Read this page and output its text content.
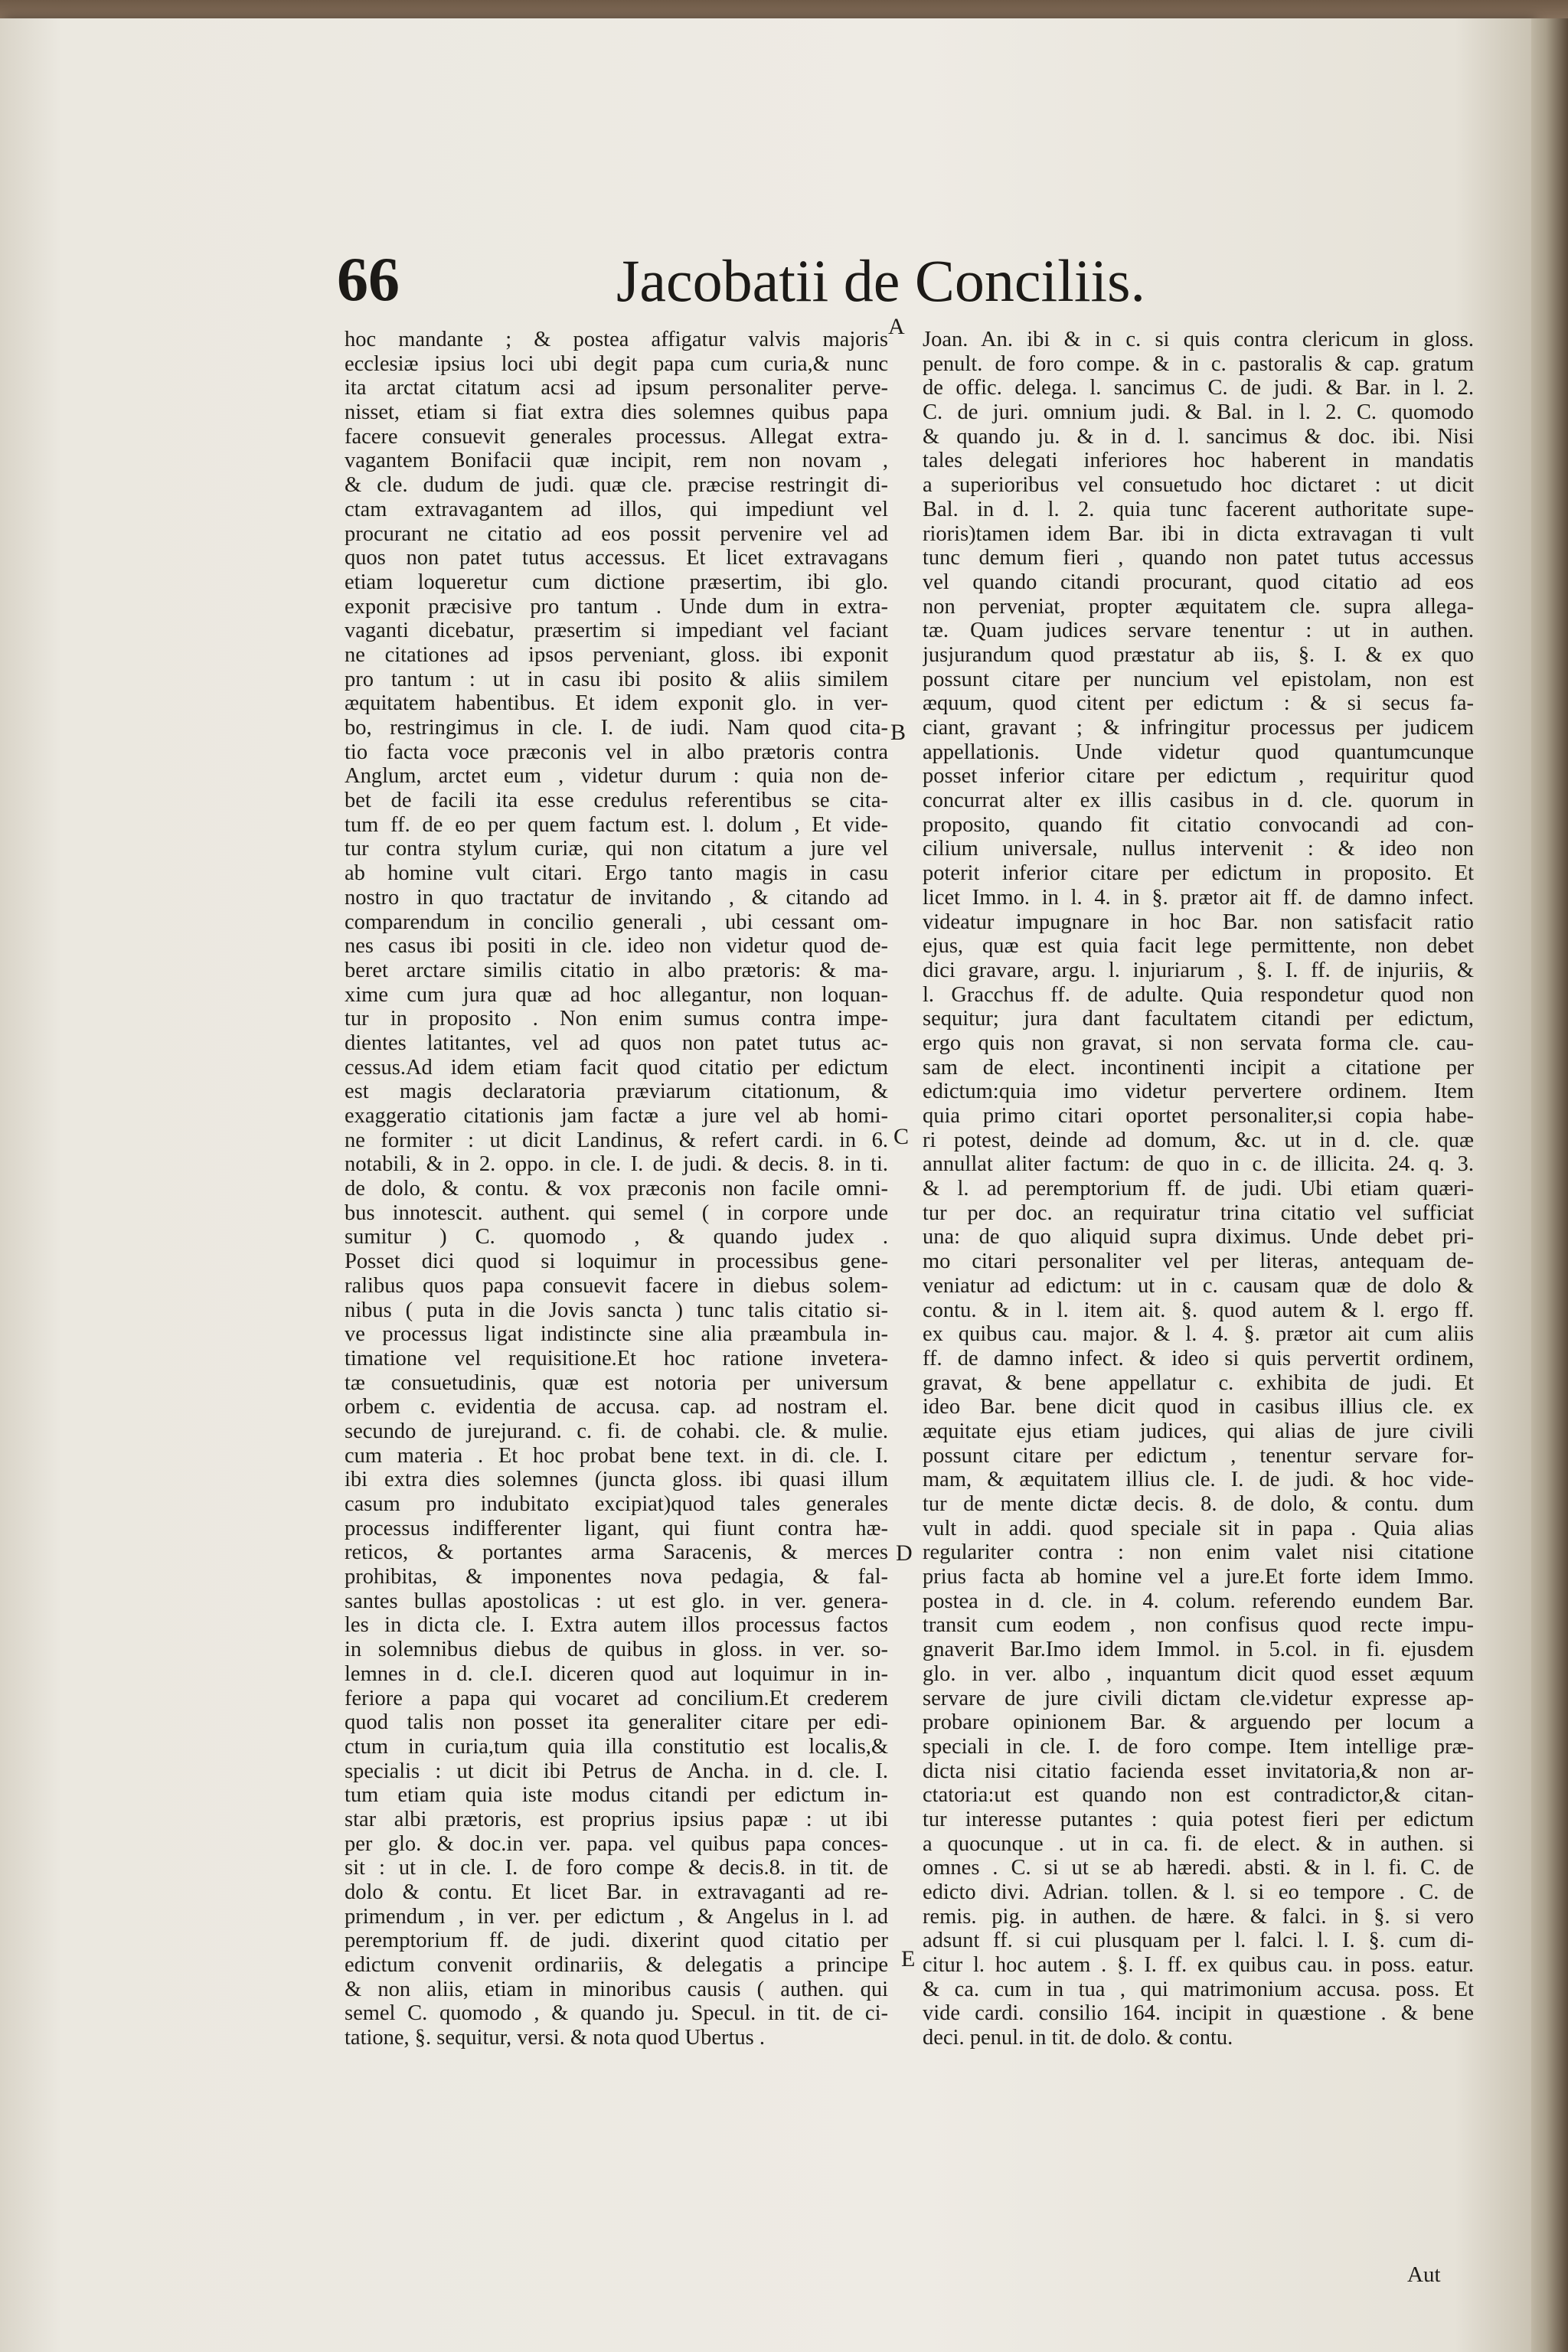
66	Jacobatii de Conciliis.
A
B
C
D
E
hoc mandante ; & postea affigatur valvis majoris
ecclesiæ ipsius loci ubi degit papa cum curia,& nunc
ita arctat citatum acsi ad ipsum personaliter perve-
nisset, etiam si fiat extra dies solemnes quibus papa
facere consuevit generales processus. Allegat extra-
vagantem Bonifacii quæ incipit, rem non novam ,
& cle. dudum de judi. quæ cle. præcise restringit di-
ctam extravagantem ad illos, qui impediunt vel
procurant ne citatio ad eos possit pervenire vel ad
quos non patet tutus accessus. Et licet extravagans
etiam loqueretur cum dictione præsertim, ibi glo.
exponit præcisive pro tantum . Unde dum in extra-
vaganti dicebatur, præsertim si impediant vel faciant
ne citationes ad ipsos perveniant, gloss. ibi exponit
pro tantum : ut in casu ibi posito & aliis similem
æquitatem habentibus. Et idem exponit glo. in ver-
bo, restringimus in cle. I. de iudi. Nam quod cita-
tio facta voce præconis vel in albo prætoris contra
Anglum, arctet eum , videtur durum : quia non de-
bet de facili ita esse credulus referentibus se cita-
tum ff. de eo per quem factum est. l. dolum , Et vide-
tur contra stylum curiæ, qui non citatum a jure vel
ab homine vult citari. Ergo tanto magis in casu
nostro in quo tractatur de invitando , & citando ad
comparendum in concilio generali , ubi cessant om-
nes casus ibi positi in cle. ideo non videtur quod de-
beret arctare similis citatio in albo prætoris: & ma-
xime cum jura quæ ad hoc allegantur, non loquan-
tur in proposito . Non enim sumus contra impe-
dientes latitantes, vel ad quos non patet tutus ac-
cessus.Ad idem etiam facit quod citatio per edictum
est magis declaratoria præviarum citationum, &
exaggeratio citationis jam factæ a jure vel ab homi-
ne formiter : ut dicit Landinus, & refert cardi. in 6.
notabili, & in 2. oppo. in cle. I. de judi. & decis. 8. in ti.
de dolo, & contu. & vox præconis non facile omni-
bus innotescit. authent. qui semel ( in corpore unde
sumitur ) C. quomodo , & quando judex .
Posset dici quod si loquimur in processibus gene-
ralibus quos papa consuevit facere in diebus solem-
nibus ( puta in die Jovis sancta ) tunc talis citatio si-
ve processus ligat indistincte sine alia præambula in-
timatione vel requisitione.Et hoc ratione invetera-
tæ consuetudinis, quæ est notoria per universum
orbem c. evidentia de accusa. cap. ad nostram el.
secundo de jurejurand. c. fi. de cohabi. cle. & mulie.
cum materia . Et hoc probat bene text. in di. cle. I.
ibi extra dies solemnes (juncta gloss. ibi quasi illum
casum pro indubitato excipiat)quod tales generales
processus indifferenter ligant, qui fiunt contra hæ-
reticos, & portantes arma Saracenis, & merces
prohibitas, & imponentes nova pedagia, & fal-
santes bullas apostolicas : ut est glo. in ver. genera-
les in dicta cle. I. Extra autem illos processus factos
in solemnibus diebus de quibus in gloss. in ver. so-
lemnes in d. cle.I. diceren quod aut loquimur in in-
feriore a papa qui vocaret ad concilium.Et crederem
quod talis non posset ita generaliter citare per edi-
ctum in curia,tum quia illa constitutio est localis,&
specialis : ut dicit ibi Petrus de Ancha. in d. cle. I.
tum etiam quia iste modus citandi per edictum in-
star albi prætoris, est proprius ipsius papæ : ut ibi
per glo. & doc.in ver. papa. vel quibus papa conces-
sit : ut in cle. I. de foro compe & decis.8. in tit. de
dolo & contu. Et licet Bar. in extravaganti ad re-
primendum , in ver. per edictum , & Angelus in l. ad
peremptorium ff. de judi. dixerint quod citatio per
edictum convenit ordinariis, & delegatis a principe
& non aliis, etiam in minoribus causis ( authen. qui
semel C. quomodo , & quando ju. Specul. in tit. de ci-
tatione, §. sequitur, versi. & nota quod Ubertus .
Joan. An. ibi & in c. si quis contra clericum in gloss.
penult. de foro compe. & in c. pastoralis & cap. gratum
de offic. delega. l. sancimus C. de judi. & Bar. in l. 2.
C. de juri. omnium judi. & Bal. in l. 2. C. quomodo
& quando ju. & in d. l. sancimus & doc. ibi. Nisi
tales delegati inferiores hoc haberent in mandatis
a superioribus vel consuetudo hoc dictaret : ut dicit
Bal. in d. l. 2. quia tunc facerent authoritate supe-
rioris)tamen idem Bar. ibi in dicta extravagan ti vult
tunc demum fieri , quando non patet tutus accessus
vel quando citandi procurant, quod citatio ad eos
non perveniat, propter æquitatem cle. supra allega-
tæ. Quam judices servare tenentur : ut in authen.
jusjurandum quod præstatur ab iis, §. I. & ex quo
possunt citare per nuncium vel epistolam, non est
æquum, quod citent per edictum : & si secus fa-
ciant, gravant ; & infringitur processus per judicem
appellationis. Unde videtur quod quantumcunque
posset inferior citare per edictum , requiritur quod
concurrat alter ex illis casibus in d. cle. quorum in
proposito, quando fit citatio convocandi ad con-
cilium universale, nullus intervenit : & ideo non
poterit inferior citare per edictum in proposito. Et
licet Immo. in l. 4. in §. prætor ait ff. de damno infect.
videatur impugnare in hoc Bar. non satisfacit ratio
ejus, quæ est quia facit lege permittente, non debet
dici gravare, argu. l. injuriarum , §. I. ff. de injuriis, &
l. Gracchus ff. de adulte. Quia respondetur quod non
sequitur; jura dant facultatem citandi per edictum,
ergo quis non gravat, si non servata forma cle. cau-
sam de elect. incontinenti incipit a citatione per
edictum:quia imo videtur pervertere ordinem. Item
quia primo citari oportet personaliter,si copia habe-
ri potest, deinde ad domum, &c. ut in d. cle. quæ
annullat aliter factum: de quo in c. de illicita. 24. q. 3.
& l. ad peremptorium ff. de judi. Ubi etiam quæri-
tur per doc. an requiratur trina citatio vel sufficiat
una: de quo aliquid supra diximus. Unde debet pri-
mo citari personaliter vel per literas, antequam de-
veniatur ad edictum: ut in c. causam quæ de dolo &
contu. & in l. item ait. §. quod autem & l. ergo ff.
ex quibus cau. major. & l. 4. §. prætor ait cum aliis
ff. de damno infect. & ideo si quis pervertit ordinem,
gravat, & bene appellatur c. exhibita de judi. Et
ideo Bar. bene dicit quod in casibus illius cle. ex
æquitate ejus etiam judices, qui alias de jure civili
possunt citare per edictum , tenentur servare for-
mam, & æquitatem illius cle. I. de judi. & hoc vide-
tur de mente dictæ decis. 8. de dolo, & contu. dum
vult in addi. quod speciale sit in papa . Quia alias
regulariter contra : non enim valet nisi citatione
prius facta ab homine vel a jure.Et forte idem Immo.
postea in d. cle. in 4. colum. referendo eundem Bar.
transit cum eodem , non confisus quod recte impu-
gnaverit Bar.Imo idem Immol. in 5.col. in fi. ejusdem
glo. in ver. albo , inquantum dicit quod esset æquum
servare de jure civili dictam cle.videtur expresse ap-
probare opinionem Bar. & arguendo per locum a
speciali in cle. I. de foro compe. Item intellige præ-
dicta nisi citatio facienda esset invitatoria,& non ar-
ctatoria:ut est quando non est contradictor,& citan-
tur interesse putantes : quia potest fieri per edictum
a quocunque . ut in ca. fi. de elect. & in authen. si
omnes . C. si ut se ab hæredi. absti. & in l. fi. C. de
edicto divi. Adrian. tollen. & l. si eo tempore . C. de
remis. pig. in authen. de hære. & falci. in §. si vero
adsunt ff. si cui plusquam per l. falci. l. I. §. cum di-
citur l. hoc autem . §. I. ff. ex quibus cau. in poss. eatur.
& ca. cum in tua , qui matrimonium accusa. poss. Et
vide cardi. consilio 164. incipit in quæstione . & bene
deci. penul. in tit. de dolo. & contu.
Aut
